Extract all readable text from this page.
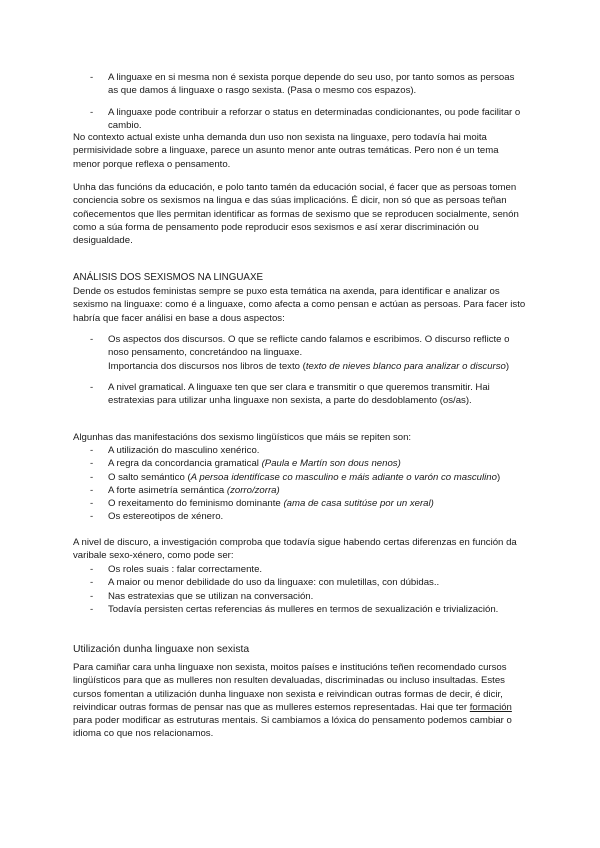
- A linguaxe en si mesma non é sexista porque depende do seu uso, por tanto somos as persoas as que damos á linguaxe o rasgo sexista. (Pasa o mesmo cos espazos).
- A linguaxe pode contribuir a reforzar o status en determinadas condicionantes, ou pode facilitar o cambio.

No contexto actual existe unha demanda dun uso non sexista na linguaxe, pero todavía hai moita permisividade sobre a linguaxe, parece un asunto menor ante outras temáticas. Pero non é un tema menor porque reflexa o pensamento.

Unha das funcións da educación, e polo tanto tamén da educación social, é facer que as persoas tomen conciencia sobre os sexismos na lingua e das súas implicacións. É dicir, non só que as persoas teñan coñecementos que lles permitan identificar as formas de sexismo que se reproducen socialmente, senón como a súa forma de pensamento pode reproducir esos sexismos e así xerar discriminación ou desigualdade.

ANÁLISIS DOS SEXISMOS NA LINGUAXE

Dende os estudos feministas sempre se puxo esta temática na axenda, para identificar e analizar os sexismo na linguaxe: como é a linguaxe, como afecta a como pensan e actúan as persoas. Para facer isto habría que facer análisi en base a dous aspectos:

- Os aspectos dos discursos. O que se reflicte cando falamos e escribimos. O discurso reflicte o noso pensamento, concretándoo na linguaxe.
Importancia dos discursos nos libros de texto (texto de nieves blanco para analizar o discurso)
- A nivel gramatical. A linguaxe ten que ser clara e transmitir o que queremos transmitir. Hai estratexias para utilizar unha linguaxe non sexista, a parte do desdoblamento (os/as).

Algunhas das manifestacións dos sexismo lingüísticos que máis se repiten son:

- A utilización do masculino xenérico.
- A regra da concordancia gramatical (Paula e Martín son dous nenos)
- O salto semántico (A persoa identifícase co masculino e máis adiante o varón co masculino)
- A forte asimetría semántica (zorro/zorra)
- O rexeitamento do feminismo dominante (ama de casa sutitúse por un xeral)
- Os estereotipos de xénero.

A nivel de discuro, a investigación comproba que todavía sigue habendo certas diferenzas en función da varibale sexo-xénero, como pode ser:

- Os roles suais : falar correctamente.
- A maior ou menor debilidade do uso da linguaxe: con muletillas, con dúbidas..
- Nas estratexias que se utilizan na conversación.
- Todavía persisten certas referencias ás mulleres en termos de sexualización e trivialización.

Utilización dunha linguaxe non sexista

Para camiñar cara unha linguaxe non sexista, moitos países e institucións teñen recomendado cursos lingüísticos para que as mulleres non resulten devaluadas, discriminadas ou incluso insultadas. Estes cursos fomentan a utilización dunha linguaxe non sexista e reivindican outras formas de decir, é dicir, reivindicar outras formas de pensar nas que as mulleres estemos representadas. Hai que ter formación para poder modificar as estruturas mentais. Si cambiamos a lóxica do pensamento podemos cambiar o idioma co que nos relacionamos.
